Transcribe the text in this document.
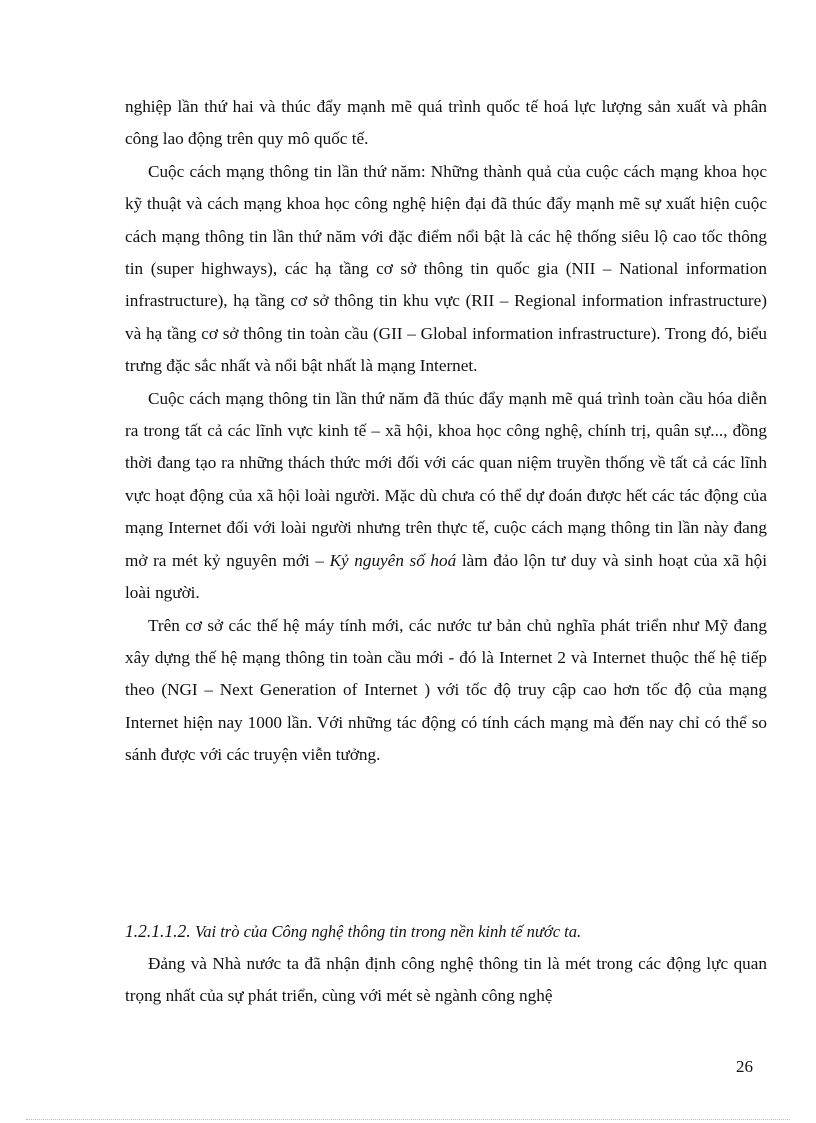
nghiệp lần thứ hai và thúc đẩy mạnh mẽ quá trình quốc tế hoá lực lượng sản xuất và phân công lao động trên quy mô quốc tế.

Cuộc cách mạng thông tin lần thứ năm: Những thành quả của cuộc cách mạng khoa học kỹ thuật và cách mạng khoa học công nghệ hiện đại đã thúc đẩy mạnh mẽ sự xuất hiện cuộc cách mạng thông tin lần thứ năm với đặc điểm nổi bật là các hệ thống siêu lộ cao tốc thông tin (super highways), các hạ tầng cơ sở thông tin quốc gia (NII – National information infrastructure), hạ tầng cơ sở thông tin khu vực (RII – Regional information infrastructure) và hạ tầng cơ sở thông tin toàn cầu (GII – Global information infrastructure). Trong đó, biểu trưng đặc sắc nhất và nổi bật nhất là mạng Internet.

Cuộc cách mạng thông tin lần thứ năm đã thúc đẩy mạnh mẽ quá trình toàn cầu hóa diễn ra trong tất cả các lĩnh vực kinh tế – xã hội, khoa học công nghệ, chính trị, quân sự..., đồng thời đang tạo ra những thách thức mới đối với các quan niệm truyền thống về tất cả các lĩnh vực hoạt động của xã hội loài người. Mặc dù chưa có thể dự đoán được hết các tác động của mạng Internet đối với loài người nhưng trên thực tế, cuộc cách mạng thông tin lần này đang mở ra mét kỷ nguyên mới – Kỷ nguyên số hoá làm đảo lộn tư duy và sinh hoạt của xã hội loài người.

Trên cơ sở các thế hệ máy tính mới, các nước tư bản chủ nghĩa phát triển như Mỹ đang xây dựng thế hệ mạng thông tin toàn cầu mới - đó là Internet 2 và Internet thuộc thế hệ tiếp theo (NGI – Next Generation of Internet ) với tốc độ truy cập cao hơn tốc độ của mạng Internet hiện nay 1000 lần. Với những tác động có tính cách mạng mà đến nay chỉ có thể so sánh được với các truyện viễn tưởng.

1.2.1.1.2. Vai trò của Công nghệ thông tin trong nền kinh tế nước ta.

Đảng và Nhà nước ta đã nhận định công nghệ thông tin là mét trong các động lực quan trọng nhất của sự phát triển, cùng với mét sè ngành công nghệ

26
